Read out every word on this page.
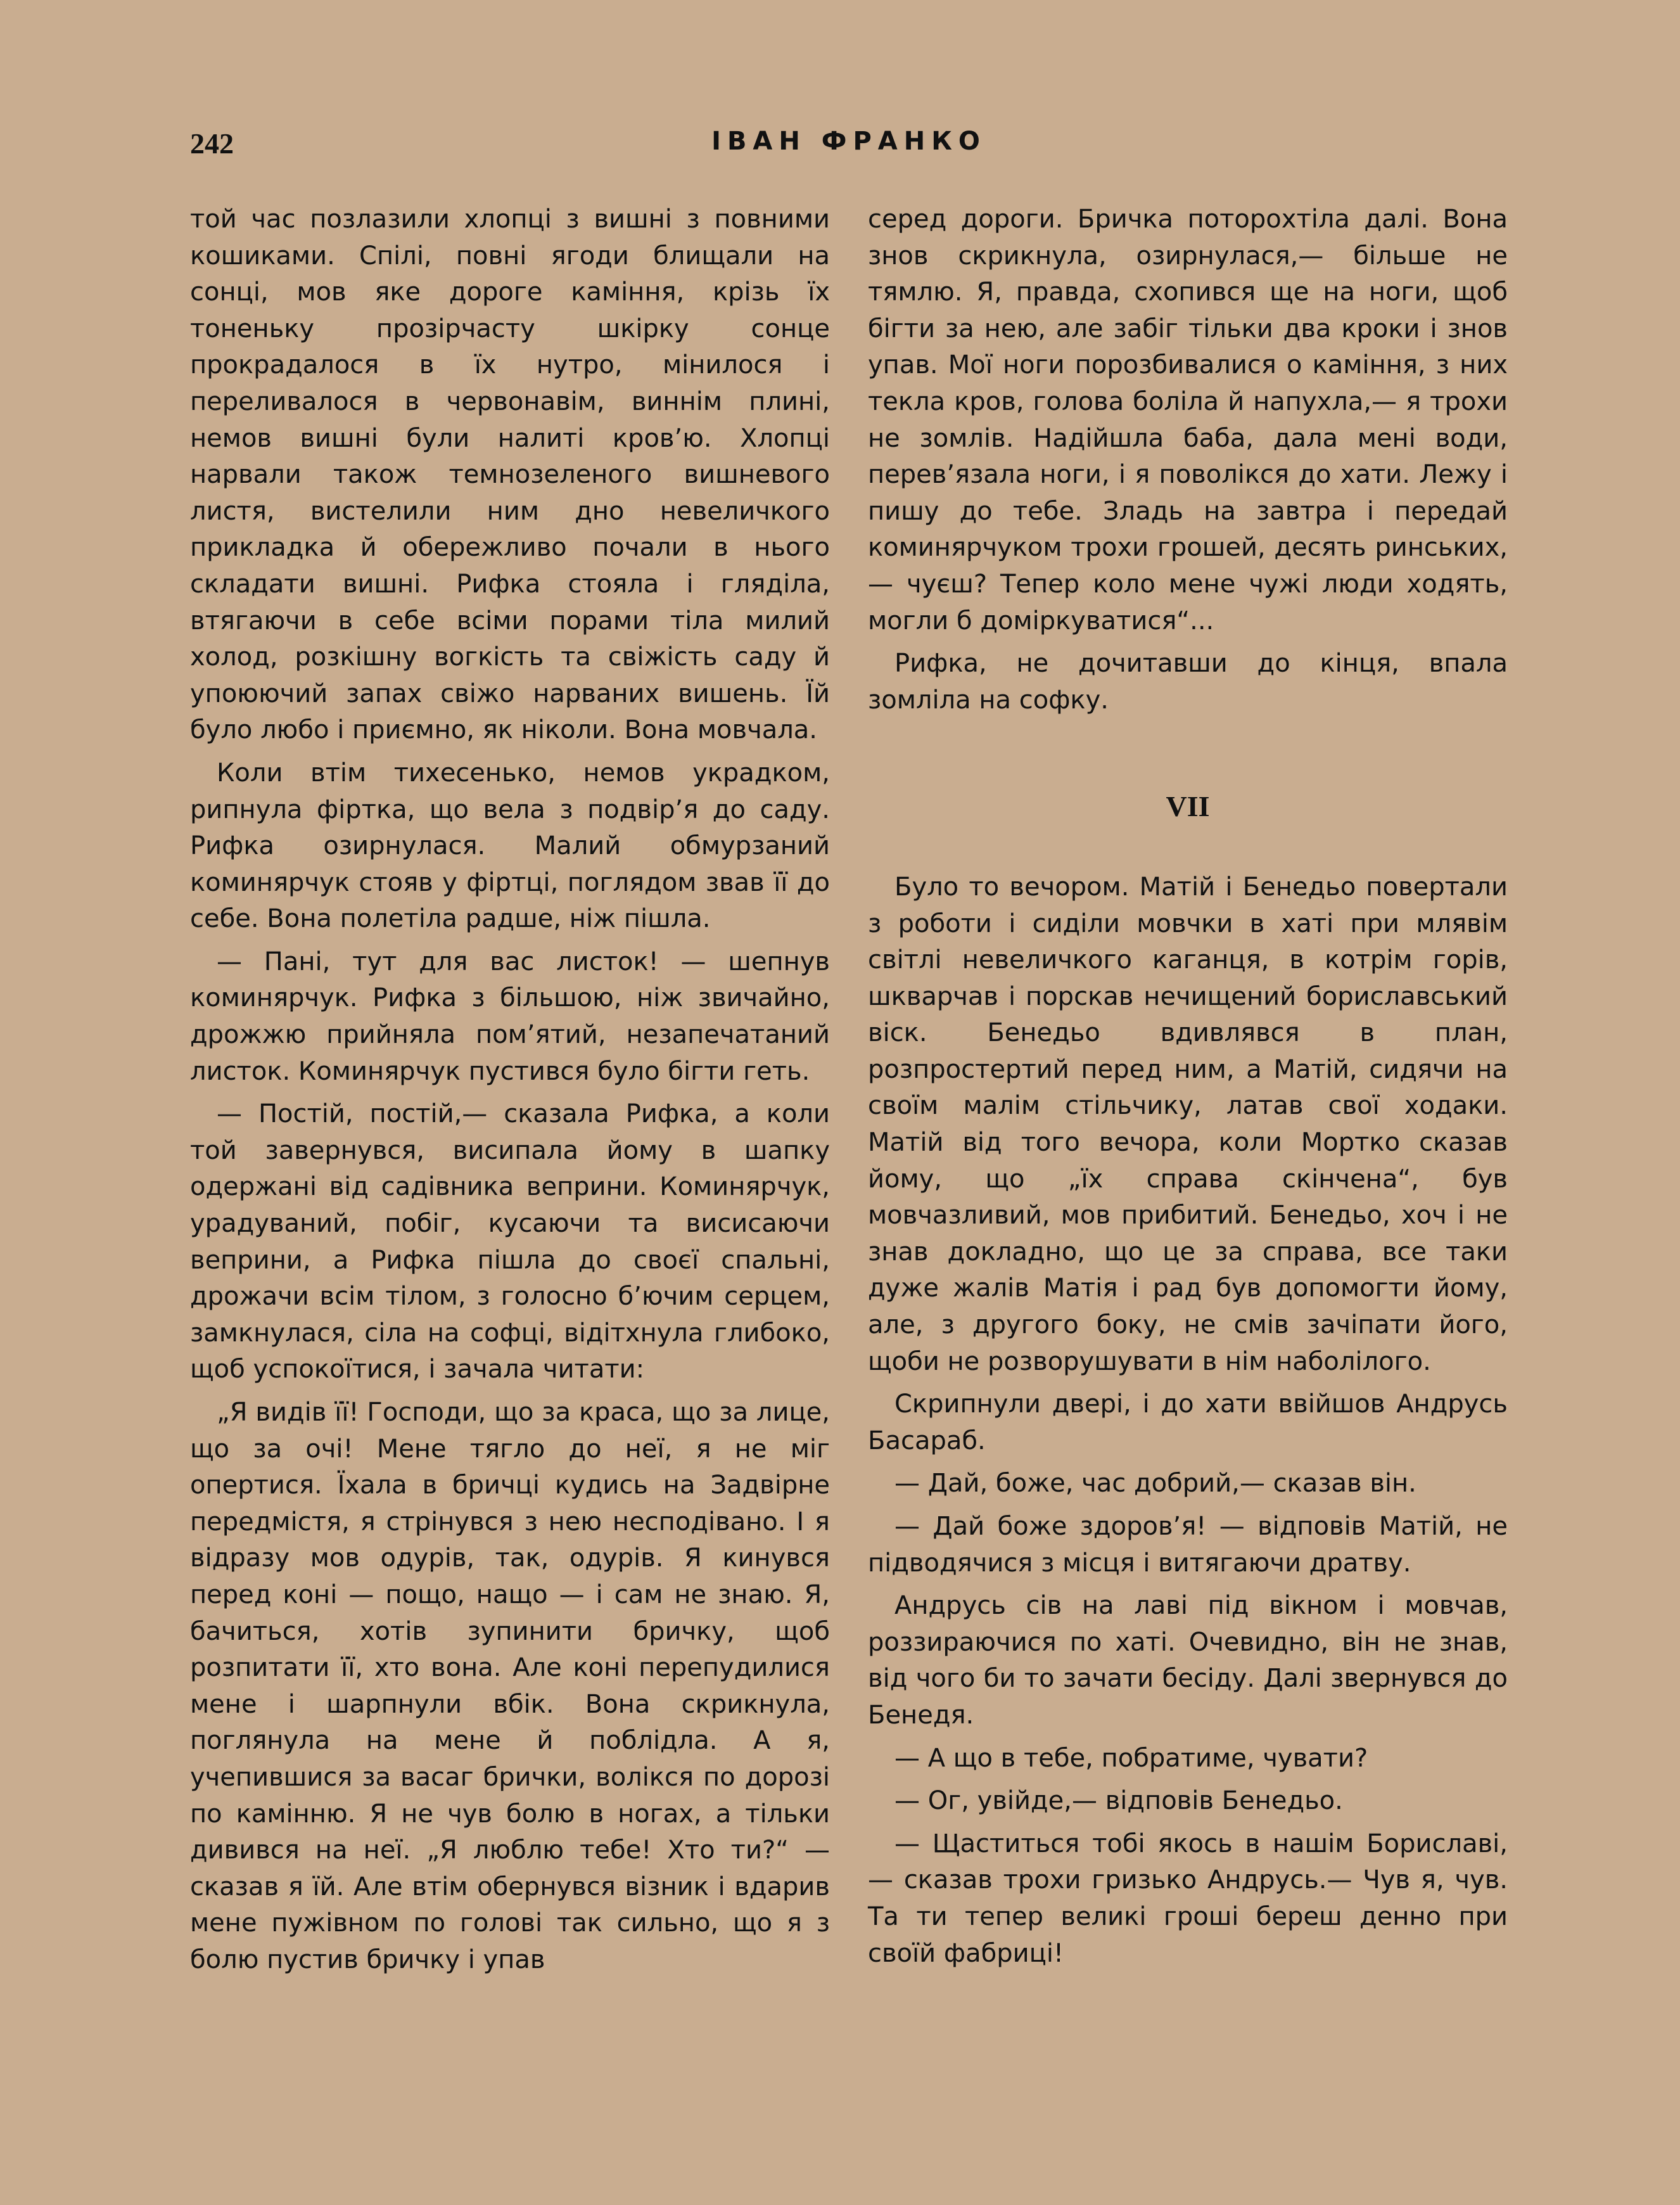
242	ІВАН ФРАНКО

той час позлазили хлопці з вишні з повними кошиками. Спілі, повні ягоди блищали на сонці, мов яке дороге каміння, крізь їх тоненьку прозірчасту шкірку сонце прокрадалося в їх нутро, мінилося і переливалося в червонавім, виннім плині, немов вишні були налиті кров’ю. Хлопці нарвали також темнозеленого вишневого листя, вистелили ним дно невеличкого прикладка й обережливо почали в нього складати вишні. Рифка стояла і гляділа, втягаючи в себе всіми порами тіла милий холод, розкішну вогкість та свіжість саду й упоюючий запах свіжо нарваних вишень. Їй було любо і приємно, як ніколи. Вона мовчала.

Коли втім тихесенько, немов украдком, рипнула фіртка, що вела з подвір’я до саду. Рифка озирнулася. Малий обмурзаний коминярчук стояв у фіртці, поглядом звав її до себе. Вона полетіла радше, ніж пішла.

— Пані, тут для вас листок! — шепнув коминярчук. Рифка з більшою, ніж звичайно, дрожжю прийняла пом’ятий, незапечатаний листок. Коминярчук пустився було бігти геть.

— Постій, постій,— сказала Рифка, а коли той завернувся, висипала йому в шапку одержані від садівника веприни. Коминярчук, урадуваний, побіг, кусаючи та висисаючи веприни, а Рифка пішла до своєї спальні, дрожачи всім тілом, з голосно б’ючим серцем, замкнулася, сіла на софці, відітхнула глибоко, щоб успокоїтися, і зачала читати:

„Я видів її! Господи, що за краса, що за лице, що за очі! Мене тягло до неї, я не міг опертися. Їхала в бричці кудись на Задвірне передмістя, я стрінувся з нею несподівано. І я відразу мов одурів, так, одурів. Я кинувся перед коні — пощо, нащо — і сам не знаю. Я, бачиться, хотів зупинити бричку, щоб розпитати її, хто вона. Але коні перепудилися мене і шарпнули вбік. Вона скрикнула, поглянула на мене й поблідла. А я, учепившися за васаг брички, волікся по дорозі по камінню. Я не чув болю в ногах, а тільки дивився на неї. „Я люблю тебе! Хто ти?“ — сказав я їй. Але втім обернувся візник і вдарив мене пужівном по голові так сильно, що я з болю пустив бричку і упав

серед дороги. Бричка поторохтіла далі. Вона знов скрикнула, озирнулася,— більше не тямлю. Я, правда, схопився ще на ноги, щоб бігти за нею, але забіг тільки два кроки і знов упав. Мої ноги порозбивалися о каміння, з них текла кров, голова боліла й напухла,— я трохи не зомлів. Надійшла баба, дала мені води, перев’язала ноги, і я поволікся до хати. Лежу і пишу до тебе. Зладь на завтра і передай коминярчуком трохи грошей, десять ринських, — чуєш? Тепер коло мене чужі люди ходять, могли б доміркуватися“...

Рифка, не дочитавши до кінця, впала зомліла на софку.

VII

Було то вечором. Матій і Бенедьо повертали з роботи і сиділи мовчки в хаті при млявім світлі невеличкого каганця, в котрім горів, шкварчав і порскав нечищений бориславський віск. Бенедьо вдивлявся в план, розпростертий перед ним, а Матій, сидячи на своїм малім стільчику, латав свої ходаки. Матій від того вечора, коли Мортко сказав йому, що „їх справа скінчена“, був мовчазливий, мов прибитий. Бенедьо, хоч і не знав докладно, що це за справа, все таки дуже жалів Матія і рад був допомогти йому, але, з другого боку, не смів зачіпати його, щоби не розворушувати в нім наболілого.

Скрипнули двері, і до хати ввійшов Андрусь Басараб.

— Дай, боже, час добрий,— сказав він.

— Дай боже здоров’я! — відповів Матій, не підводячися з місця і витягаючи дратву.

Андрусь сів на лаві під вікном і мовчав, роззираючися по хаті. Очевидно, він не знав, від чого би то зачати бесіду. Далі звернувся до Бенедя.

— А що в тебе, побратиме, чувати?

— Ог, увійде,— відповів Бенедьо.

— Щаститься тобі якось в нашім Бориславі, — сказав трохи гризько Андрусь.— Чув я, чув. Та ти тепер великі гроші береш денно при своїй фабриці!
